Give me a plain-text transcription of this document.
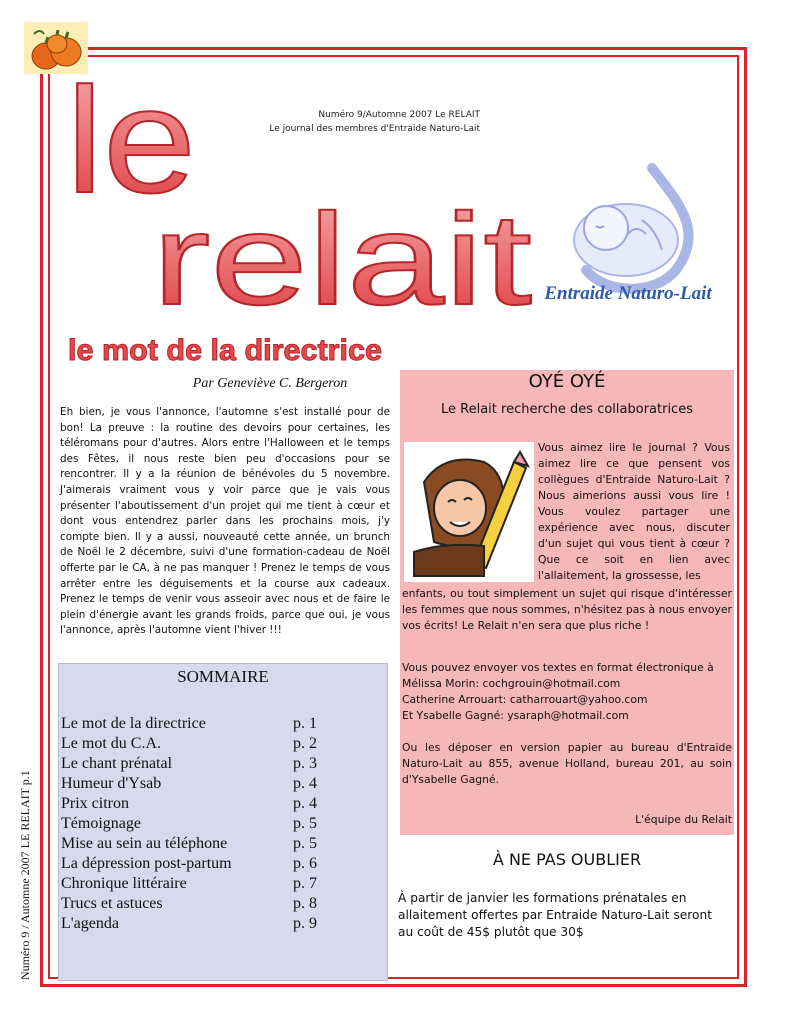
Numéro 9 / Automne 2007 LE RELAIT p.1
le
relait
Numéro 9/Automne 2007 Le RELAIT
Le journal des membres d'Entraide Naturo-Lait
Entraide Naturo-Lait
le mot de la directrice
Par Geneviève C. Bergeron
Eh bien, je vous l'annonce, l'automne s'est installé pour de bon! La preuve : la routine des devoirs pour certaines, les téléromans pour d'autres. Alors entre l'Halloween et le temps des Fêtes, il nous reste bien peu d'occasions pour se rencontrer. Il y a la réunion de bénévoles du 5 novembre. J'aimerais vraiment vous y voir parce que je vais vous présenter l'aboutissement d'un projet qui me tient à cœur et dont vous entendrez parler dans les prochains mois, j'y compte bien. Il y a aussi, nouveauté cette année, un brunch de Noël le 2 décembre, suivi d'une formation-cadeau de Noël offerte par le CA, à ne pas manquer ! Prenez le temps de vous arrêter entre les déguisements et la course aux cadeaux. Prenez le temps de venir vous asseoir avec nous et de faire le plein d'énergie avant les grands froids, parce que oui, je vous l'annonce, après l'automne vient l'hiver !!!
SOMMAIRE
Le mot de la directrice	p. 1
Le mot du C.A.	p. 2
Le chant prénatal	p. 3
Humeur d'Ysab	p. 4
Prix citron	p. 4
Témoignage	p. 5
Mise au sein au téléphone	p. 5
La dépression post-partum	p. 6
Chronique littéraire	p. 7
Trucs et astuces	p. 8
L'agenda	p. 9
OYÉ OYÉ
Le Relait recherche des collaboratrices
Vous aimez lire le journal ? Vous aimez lire ce que pensent vos collègues d'Entraide Naturo-Lait ? Nous aimerions aussi vous lire ! Vous voulez partager une expérience avec nous, discuter d'un sujet qui vous tient à cœur ? Que ce soit en lien avec l'allaitement, la grossesse, les
enfants, ou tout simplement un sujet qui risque d'intéresser les femmes que nous sommes, n'hésitez pas à nous envoyer vos écrits! Le Relait n'en sera que plus riche !
Vous pouvez envoyer vos textes en format électronique à
Mélissa Morin: cochgrouin@hotmail.com
Catherine Arrouart: catharrouart@yahoo.com
Et Ysabelle Gagné: ysaraph@hotmail.com
Ou les déposer en version papier au bureau d'Entraide Naturo-Lait au 855, avenue Holland, bureau 201, au soin d'Ysabelle Gagné.
L'équipe du Relait
À NE PAS OUBLIER
À partir de janvier les formations prénatales en allaitement offertes par Entraide Naturo-Lait seront au coût de 45$ plutôt que 30$
